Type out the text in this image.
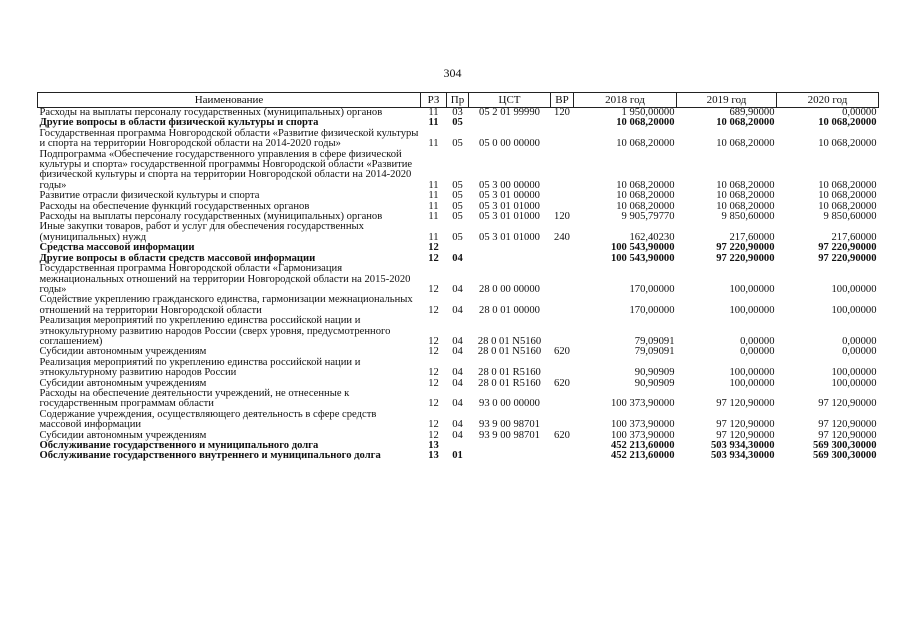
304
Наименование	РЗ	Пр	ЦСТ	ВР	2018 год	2019 год	2020 год
Расходы на выплаты персоналу государственных (муниципальных) органов	11	03	05 2 01 99990	120	1 950,00000	689,90000	0,00000
Другие вопросы в области физической культуры и спорта	11	05			10 068,20000	10 068,20000	10 068,20000
Государственная программа Новгородской области «Развитие физической культуры и спорта на территории Новгородской области на 2014-2020 годы»	11	05	05 0 00 00000		10 068,20000	10 068,20000	10 068,20000
Подпрограмма «Обеспечение государственного управления в сфере физической культуры и спорта» государственной программы Новгородской области «Развитие физической культуры и спорта на территории Новгородской области на 2014-2020 годы»	11	05	05 3 00 00000		10 068,20000	10 068,20000	10 068,20000
Развитие отрасли физической культуры и спорта	11	05	05 3 01 00000		10 068,20000	10 068,20000	10 068,20000
Расходы на обеспечение функций государственных органов	11	05	05 3 01 01000		10 068,20000	10 068,20000	10 068,20000
Расходы на выплаты персоналу государственных (муниципальных) органов	11	05	05 3 01 01000	120	9 905,79770	9 850,60000	9 850,60000
Иные закупки товаров, работ и услуг для обеспечения государственных (муниципальных) нужд	11	05	05 3 01 01000	240	162,40230	217,60000	217,60000
Средства массовой информации	12				100 543,90000	97 220,90000	97 220,90000
Другие вопросы в области средств массовой информации	12	04			100 543,90000	97 220,90000	97 220,90000
Государственная программа Новгородской области «Гармонизация межнациональных отношений на территории Новгородской области на 2015-2020 годы»	12	04	28 0 00 00000		170,00000	100,00000	100,00000
Содействие укреплению гражданского единства, гармонизации межнациональных отношений на территории Новгородской области	12	04	28 0 01 00000		170,00000	100,00000	100,00000
Реализация мероприятий по укреплению единства российской нации и этнокультурному развитию народов России (сверх уровня, предусмотренного соглашением)	12	04	28 0 01 N5160		79,09091	0,00000	0,00000
Субсидии автономным учреждениям	12	04	28 0 01 N5160	620	79,09091	0,00000	0,00000
Реализация мероприятий по укреплению единства российской нации и этнокультурному развитию народов России	12	04	28 0 01 R5160		90,90909	100,00000	100,00000
Субсидии автономным учреждениям	12	04	28 0 01 R5160	620	90,90909	100,00000	100,00000
Расходы на обеспечение деятельности учреждений, не отнесенные к государственным программам области	12	04	93 0 00 00000		100 373,90000	97 120,90000	97 120,90000
Содержание учреждения, осуществляющего деятельность в сфере средств массовой информации	12	04	93 9 00 98701		100 373,90000	97 120,90000	97 120,90000
Субсидии автономным учреждениям	12	04	93 9 00 98701	620	100 373,90000	97 120,90000	97 120,90000
Обслуживание государственного и муниципального долга	13				452 213,60000	503 934,30000	569 300,30000
Обслуживание государственного внутреннего и муниципального долга	13	01			452 213,60000	503 934,30000	569 300,30000
